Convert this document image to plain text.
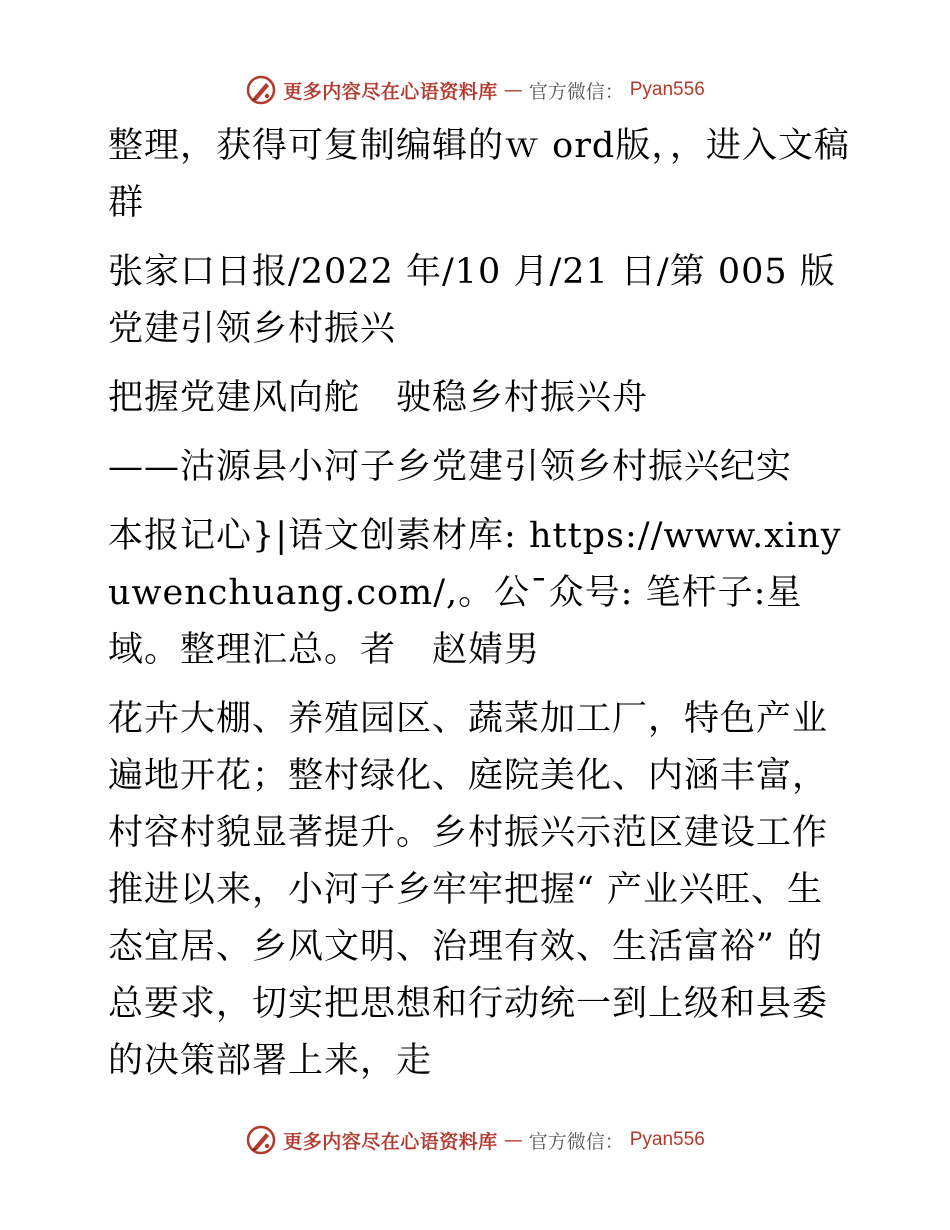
更多内容尽在心语资料库 — 官方微信： Pyan556

整理，获得可复制编辑的ｗ ord版，，进入文稿群

张家口日报/2022 年/10 月/21 日/第 005 版党建引领乡村振兴

把握党建风向舵　驶稳乡村振兴舟

——沽源县小河子乡党建引领乡村振兴纪实

本报记心}|语文创素材库: https://www.xinyuwenchuang.com/,。公¯众号: 笔杆子:星域。整理汇总。者　赵婧男

花卉大棚、养殖园区、蔬菜加工厂，特色产业遍地开花；整村绿化、庭院美化、内涵丰富，村容村貌显著提升。乡村振兴示范区建设工作推进以来，小河子乡牢牢把握“ 产业兴旺、生态宜居、乡风文明、治理有效、生活富裕” 的总要求，切实把思想和行动统一到上级和县委的决策部署上来，走

更多内容尽在心语资料库 — 官方微信： Pyan556
